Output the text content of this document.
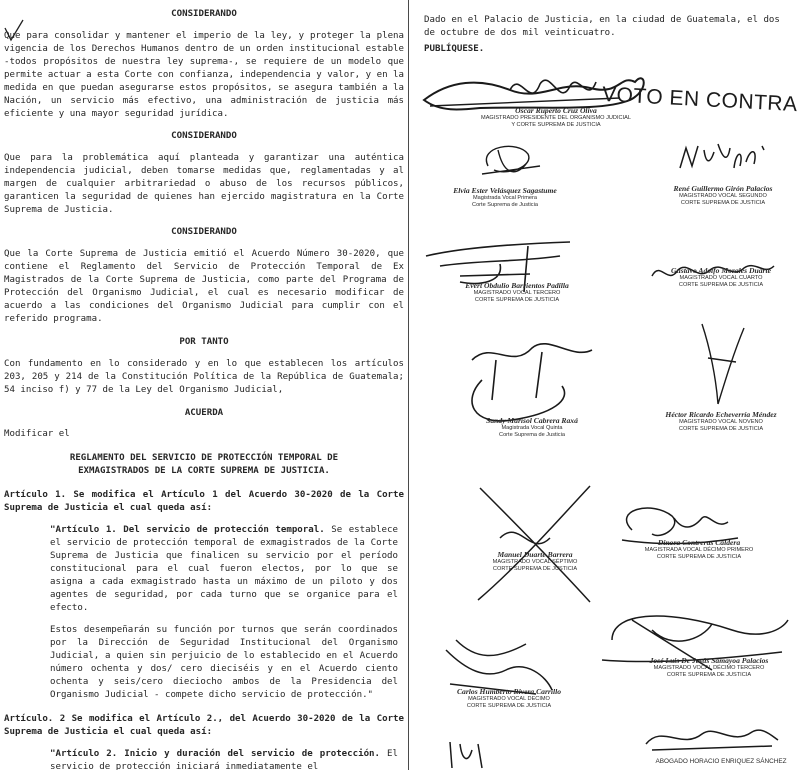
CONSIDERANDO

Que para consolidar y mantener el imperio de la ley, y proteger la plena vigencia de los Derechos Humanos dentro de un orden institucional estable -todos propósitos de nuestra ley suprema-, se requiere de un modelo que permite actuar a esta Corte con confianza, independencia y valor, y en la medida en que puedan asegurarse estos propósitos, se asegura también a la Nación, un servicio más efectivo, una administración de justicia más eficiente y una mayor seguridad jurídica.

CONSIDERANDO

Que para la problemática aquí planteada y garantizar una auténtica independencia judicial, deben tomarse medidas que, reglamentadas y al margen de cualquier arbitrariedad o abuso de los recursos públicos, garanticen la seguridad de quienes han ejercido magistratura en la Corte Suprema de Justicia.

CONSIDERANDO

Que la Corte Suprema de Justicia emitió el Acuerdo Número 30-2020, que contiene el Reglamento del Servicio de Protección Temporal de Ex Magistrados de la Corte Suprema de Justicia, como parte del Programa de Protección del Organismo Judicial, el cual es necesario modificar de acuerdo a las condiciones del Organismo Judicial para cumplir con el referido programa.

POR TANTO

Con fundamento en lo considerado y en lo que establecen los artículos 203, 205 y 214 de la Constitución Política de la República de Guatemala; 54 inciso f) y 77 de la Ley del Organismo Judicial,

ACUERDA

Modificar el

REGLAMENTO DEL SERVICIO DE PROTECCIÓN TEMPORAL DE EXMAGISTRADOS DE LA CORTE SUPREMA DE JUSTICIA.

Artículo 1. Se modifica el Artículo 1 del Acuerdo 30-2020 de la Corte Suprema de Justicia el cual queda así:

"Artículo 1. Del servicio de protección temporal. Se establece el servicio de protección temporal de exmagistrados de la Corte Suprema de Justicia que finalicen su servicio por el período constitucional para el cual fueron electos, por lo que se asigna a cada exmagistrado hasta un máximo de un piloto y dos agentes de seguridad, por cada turno que se organice para el efecto.

Estos desempeñarán su función por turnos que serán coordinados por la Dirección de Seguridad Institucional del Organismo Judicial, a quien sin perjuicio de lo establecido en el Acuerdo número ochenta y dos/ cero dieciséis y en el Acuerdo ciento ochenta y seis/cero dieciocho ambos de la Presidencia del Organismo Judicial - compete dicho servicio de protección."

Artículo. 2 Se modifica el Artículo 2., del Acuerdo 30-2020 de la Corte Suprema de Justicia el cual queda así:

"Artículo 2. Inicio y duración del servicio de protección. El servicio de protección iniciará inmediatamente el

Dado en el Palacio de Justicia, en la ciudad de Guatemala, el dos de octubre de dos mil veinticuatro.

PUBLÍQUESE.
VOTO EN CONTRA
Oscar Ruperto Cruz Oliva
MAGISTRADO PRESIDENTE DEL ORGANISMO JUDICIAL
Y CORTE SUPREMA DE JUSTICIA
Elvia Ester Velásquez Sagastume
Magistrada Vocal Primera
Corte Suprema de Justicia
René Guillermo Girón Palacios
MAGISTRADO VOCAL SEGUNDO
CORTE SUPREMA DE JUSTICIA
Evert Obdulio Barrientos Padilla
MAGISTRADO VOCAL TERCERO
CORTE SUPREMA DE JUSTICIA
Gustavo Adolfo Morales Duarte
MAGISTRADO VOCAL CUARTO
CORTE SUPREMA DE JUSTICIA
Sandy Marisol Cabrera Raxá
Magistrada Vocal Quinta
Corte Suprema de Justicia
Héctor Ricardo Echeverría Méndez
MAGISTRADO VOCAL NOVENO
CORTE SUPREMA DE JUSTICIA
Manuel Duarte Barrera
MAGISTRADO VOCAL SÉPTIMO
CORTE SUPREMA DE JUSTICIA
Dinora Contreras Caldera
MAGISTRADA VOCAL DÉCIMO PRIMERO
CORTE SUPREMA DE JUSTICIA
José Luis De Jesús Samayoa Palacios
MAGISTRADO VOCAL DÉCIMO TERCERO
CORTE SUPREMA DE JUSTICIA
Carlos Humberto Rivera Carrillo
MAGISTRADO VOCAL DECIMO
CORTE SUPREMA DE JUSTICIA
ABOGADO HORACIO ENRIQUEZ SÁNCHEZ
